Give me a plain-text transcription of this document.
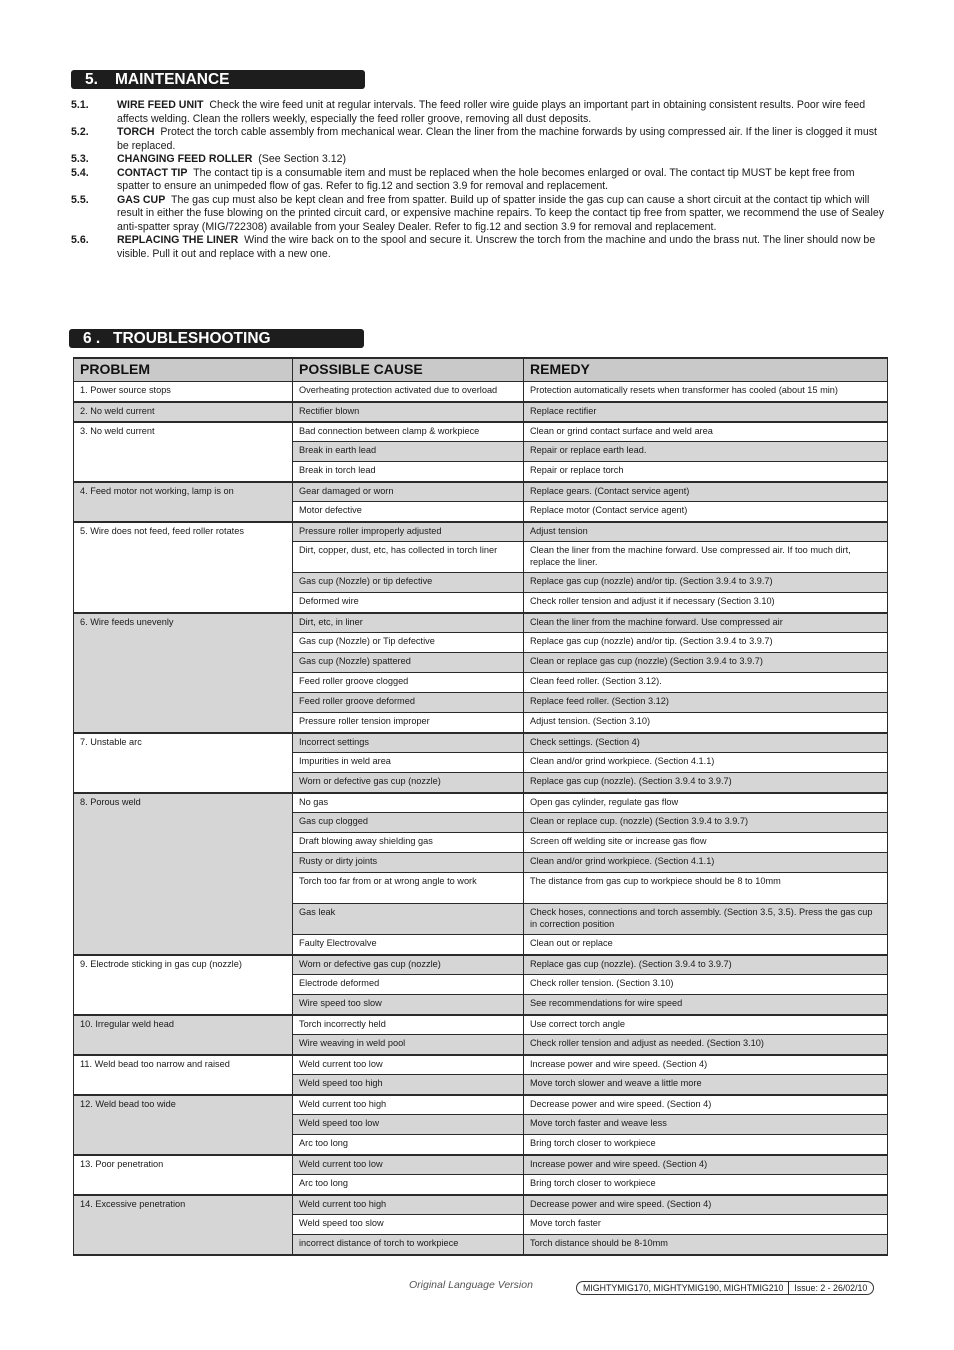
5. MAINTENANCE
5.1.	WIRE FEED UNIT Check the wire feed unit at regular intervals. The feed roller wire guide plays an important part in obtaining consistent results. Poor wire feed affects welding. Clean the rollers weekly, especially the feed roller groove, removing all dust deposits.
5.2.	TORCH Protect the torch cable assembly from mechanical wear. Clean the liner from the machine forwards by using compressed air. If the liner is clogged it must be replaced.
5.3.	CHANGING FEED ROLLER (See Section 3.12)
5.4.	CONTACT TIP The contact tip is a consumable item and must be replaced when the hole becomes enlarged or oval. The contact tip MUST be kept free from spatter to ensure an unimpeded flow of gas. Refer to fig.12 and section 3.9 for removal and replacement.
5.5.	GAS CUP The gas cup must also be kept clean and free from spatter. Build up of spatter inside the gas cup can cause a short circuit at the contact tip which will result in either the fuse blowing on the printed circuit card, or expensive machine repairs. To keep the contact tip free from spatter, we recommend the use of Sealey anti-spatter spray (MIG/722308) available from your Sealey Dealer. Refer to fig.12 and section 3.9 for removal and replacement.
5.6.	REPLACING THE LINER Wind the wire back on to the spool and secure it. Unscrew the torch from the machine and undo the brass nut. The liner should now be visible. Pull it out and replace with a new one.
6 . TROUBLESHOOTING
PROBLEM	POSSIBLE CAUSE	REMEDY
1. Power source stops	Overheating protection activated due to overload	Protection automatically resets when transformer has cooled (about 15 min)
2. No weld current	Rectifier blown	Replace rectifier
3. No weld current	Bad connection between clamp & workpiece	Clean or grind contact surface and weld area
	Break in earth lead	Repair or replace earth lead.
	Break in torch lead	Repair or replace torch
4. Feed motor not working, lamp is on	Gear damaged or worn	Replace gears. (Contact service agent)
	Motor defective	Replace motor (Contact service agent)
5. Wire does not feed, feed roller rotates	Pressure roller improperly adjusted	Adjust tension
	Dirt, copper, dust, etc, has collected in torch liner	Clean the liner from the machine forward. Use compressed air. If too much dirt, replace the liner.
	Gas cup (Nozzle) or tip defective	Replace gas cup (nozzle) and/or tip. (Section 3.9.4 to 3.9.7)
	Deformed wire	Check roller tension and adjust it if necessary (Section 3.10)
6. Wire feeds unevenly	Dirt, etc, in liner	Clean the liner from the machine forward. Use compressed air
	Gas cup (Nozzle) or Tip defective	Replace gas cup (nozzle) and/or tip. (Section 3.9.4 to 3.9.7)
	Gas cup (Nozzle) spattered	Clean or replace gas cup (nozzle) (Section 3.9.4 to 3.9.7)
	Feed roller groove clogged	Clean feed roller. (Section 3.12).
	Feed roller groove deformed	Replace feed roller. (Section 3.12)
	Pressure roller tension improper	Adjust tension. (Section 3.10)
7. Unstable arc	Incorrect settings	Check settings. (Section 4)
	Impurities in weld area	Clean and/or grind workpiece. (Section 4.1.1)
	Worn or defective gas cup (nozzle)	Replace gas cup (nozzle). (Section 3.9.4 to 3.9.7)
8. Porous weld	No gas	Open gas cylinder, regulate gas flow
	Gas cup clogged	Clean or replace cup. (nozzle) (Section 3.9.4 to 3.9.7)
	Draft blowing away shielding gas	Screen off welding site or increase gas flow
	Rusty or dirty joints	Clean and/or grind workpiece. (Section 4.1.1)
	Torch too far from or at wrong angle to work	The distance from gas cup to workpiece should be 8 to 10mm
	Gas leak	Check hoses, connections and torch assembly. (Section 3.5, 3.5). Press the gas cup in correction position
	Faulty Electrovalve	Clean out or replace
9. Electrode sticking in gas cup (nozzle)	Worn or defective gas cup (nozzle)	Replace gas cup (nozzle). (Section 3.9.4 to 3.9.7)
	Electrode deformed	Check roller tension. (Section 3.10)
	Wire speed too slow	See recommendations for wire speed
10. Irregular weld head	Torch incorrectly held	Use correct torch angle
	Wire weaving in weld pool	Check roller tension and adjust as needed. (Section 3.10)
11. Weld bead too narrow and raised	Weld current too low	Increase power and wire speed. (Section 4)
	Weld speed too high	Move torch slower and weave a little more
12. Weld bead too wide	Weld current too high	Decrease power and wire speed. (Section 4)
	Weld speed too low	Move torch faster and weave less
	Arc too long	Bring torch closer to workpiece
13. Poor penetration	Weld current too low	Increase power and wire speed. (Section 4)
	Arc too long	Bring torch closer to workpiece
14. Excessive penetration	Weld current too high	Decrease power and wire speed. (Section 4)
	Weld speed too slow	Move torch faster
	incorrect distance of torch to workpiece	Torch distance should be 8-10mm
Original Language Version	MIGHTYMIG170, MIGHTYMIG190, MIGHTMIG210 Issue: 2 - 26/02/10
